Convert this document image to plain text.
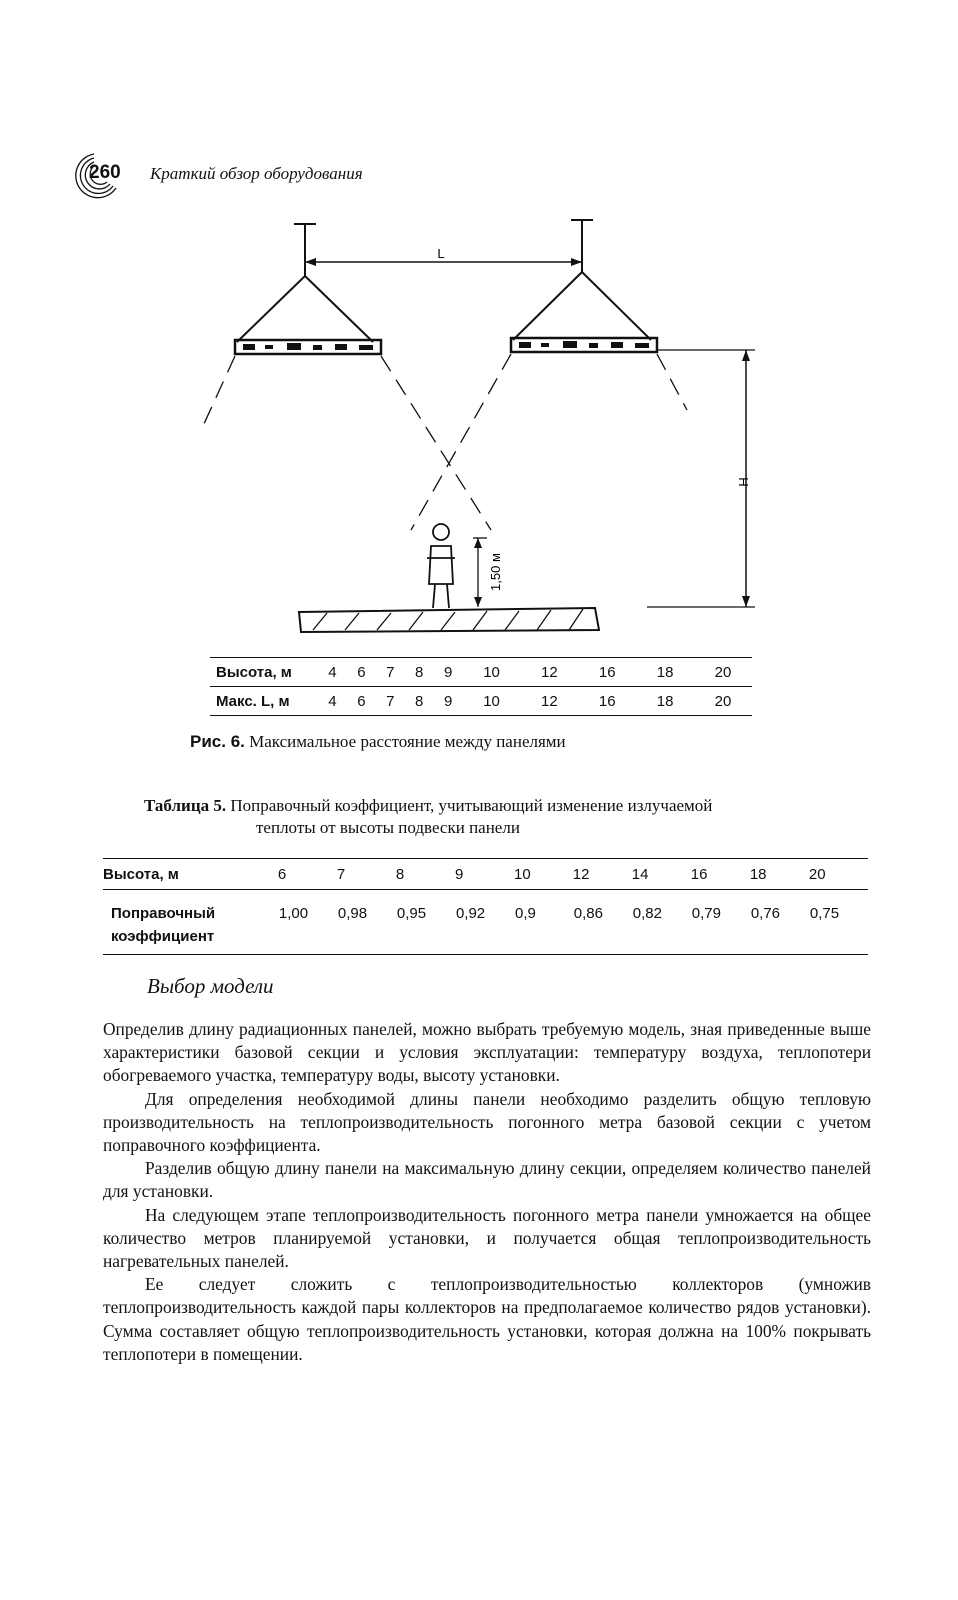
260 Краткий обзор оборудования
L
H
1,50 м
Высота, м	4	6	7	8	9	10	12	16	18	20
Макс. L, м	4	6	7	8	9	10	12	16	18	20
Рис. 6. Максимальное расстояние между панелями
Таблица 5. Поправочный коэффициент, учитывающий изменение излучаемой
теплоты от высоты подвески панели
Высота, м	6	7	8	9	10	12	14	16	18	20
Поправочный
коэффициент	1,00	0,98	0,95	0,92	0,9	0,86	0,82	0,79	0,76	0,75
Выбор модели

Определив длину радиационных панелей, можно выбрать требуемую модель, зная приведенные выше характеристики базовой секции и условия эксплуатации: температуру воздуха, теплопотери обогреваемого участка, температуру воды, высоту установки.

Для определения необходимой длины панели необходимо разделить общую тепловую производительность на теплопроизводительность погонного метра базовой секции с учетом поправочного коэффициента.

Разделив общую длину панели на максимальную длину секции, определяем количество панелей для установки.

На следующем этапе теплопроизводительность погонного метра панели умножается на общее количество метров планируемой установки, и получается общая теплопроизводительность нагревательных панелей.

Ее следует сложить с теплопроизводительностью коллекторов (умножив теплопроизводительность каждой пары коллекторов на предполагаемое количество рядов установки). Сумма составляет общую теплопроизводительность установки, которая должна на 100% покрывать теплопотери в помещении.
